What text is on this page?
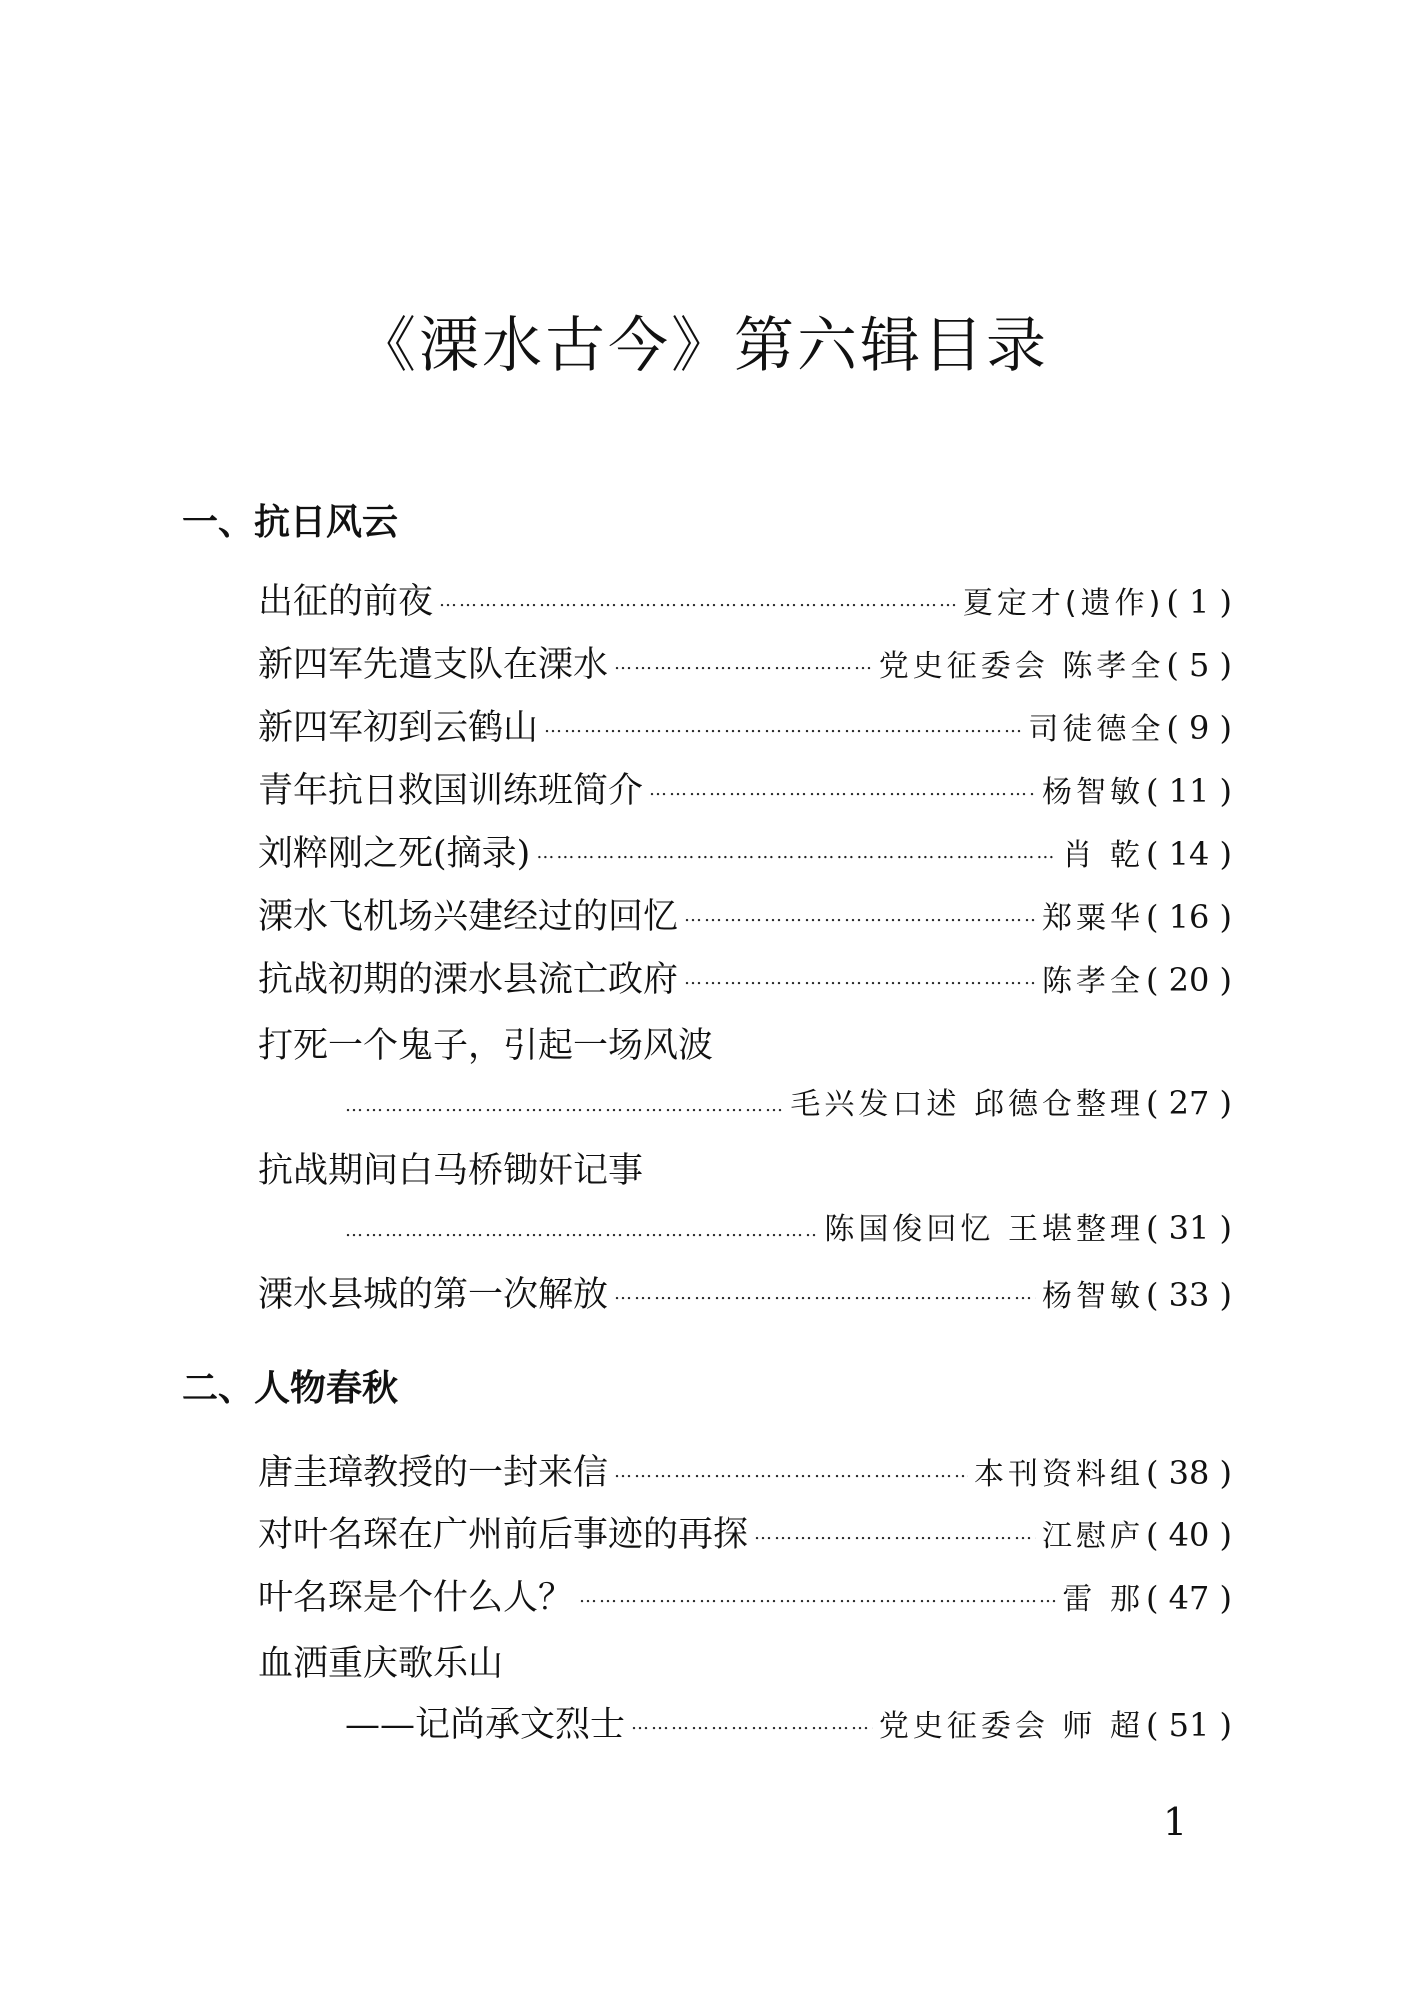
《溧水古今》第六辑目录
一、抗日风云
出征的前夜 ……………………………………………………………………………………………………………………………………………	夏定才(遗作) ( 1 )
新四军先遣支队在溧水 ……………………………………………………………………………………………………………………………………………	党史征委会 陈孝全 ( 5 )
新四军初到云鹤山 ……………………………………………………………………………………………………………………………………………	司徒德全 ( 9 )
青年抗日救国训练班简介 ……………………………………………………………………………………………………………………………………………	杨智敏 ( 11 )
刘粹刚之死(摘录) ……………………………………………………………………………………………………………………………………………	肖 乾 ( 14 )
溧水飞机场兴建经过的回忆 ……………………………………………………………………………………………………………………………………………	郑粟华 ( 16 )
抗战初期的溧水县流亡政府 ……………………………………………………………………………………………………………………………………………	陈孝全 ( 20 )
打死一个鬼子，引起一场风波
……………………………………………………………………………………………………………………………………………
毛兴发口述 邱德仓整理 ( 27 )
抗战期间白马桥锄奸记事
……………………………………………………………………………………………………………………………………………
陈国俊回忆 王堪整理 ( 31 )
溧水县城的第一次解放 ……………………………………………………………………………………………………………………………………………	杨智敏 ( 33 )
二、人物春秋
唐圭璋教授的一封来信 ……………………………………………………………………………………………………………………………………………	本刊资料组 ( 38 )
对叶名琛在广州前后事迹的再探 ……………………………………………………………………………………………………………………………………………	江慰庐 ( 40 )
叶名琛是个什么人？ ……………………………………………………………………………………………………………………………………………	雷 那 ( 47 )
血洒重庆歌乐山
——记尚承文烈士 ……………………………………………………………………………………………………………………………………………	党史征委会 师 超 ( 51 )
1
